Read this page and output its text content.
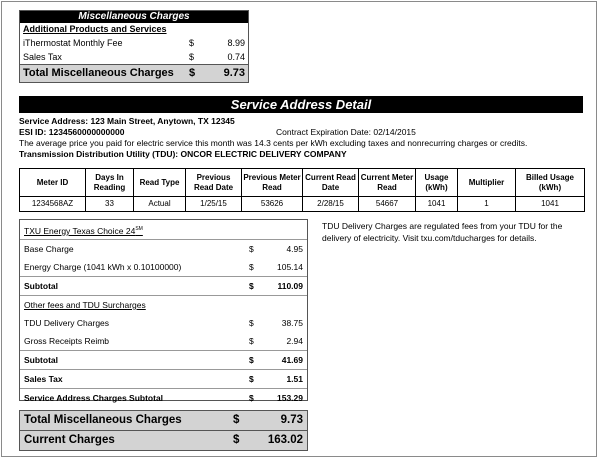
Miscellaneous Charges
Additional Products and Services
iThermostat Monthly Fee	$	8.99
Sales Tax	$	0.74
Total Miscellaneous Charges	$	9.73
Service Address Detail
Service Address: 123 Main Street, Anytown, TX 12345
ESI ID: 1234560000000000	Contract Expiration Date: 02/14/2015
The average price you paid for electric service this month was 14.3 cents per kWh excluding taxes and nonrecurring charges or credits.
Transmission Distribution Utility (TDU): ONCOR ELECTRIC DELIVERY COMPANY
Meter ID	Days In Reading	Read Type	Previous Read Date	Previous Meter Read	Current Read Date	Current Meter Read	Usage (kWh)	Multiplier	Billed Usage (kWh)
1234568AZ	33	Actual	1/25/15	53626	2/28/15	54667	1041	1	1041
TXU Energy Texas Choice 24℠
Base Charge	$	4.95
Energy Charge (1041 kWh x 0.10100000)	$	105.14
Subtotal	$	110.09
Other fees and TDU Surcharges
TDU Delivery Charges	$	38.75
Gross Receipts Reimb	$	2.94
Subtotal	$	41.69
Sales Tax	$	1.51
Service Address Charges Subtotal	$	153.29
TDU Delivery Charges are regulated fees from your TDU for the delivery of electricity. Visit txu.com/tducharges for details.
Total Miscellaneous Charges	$	9.73
Current Charges	$	163.02
